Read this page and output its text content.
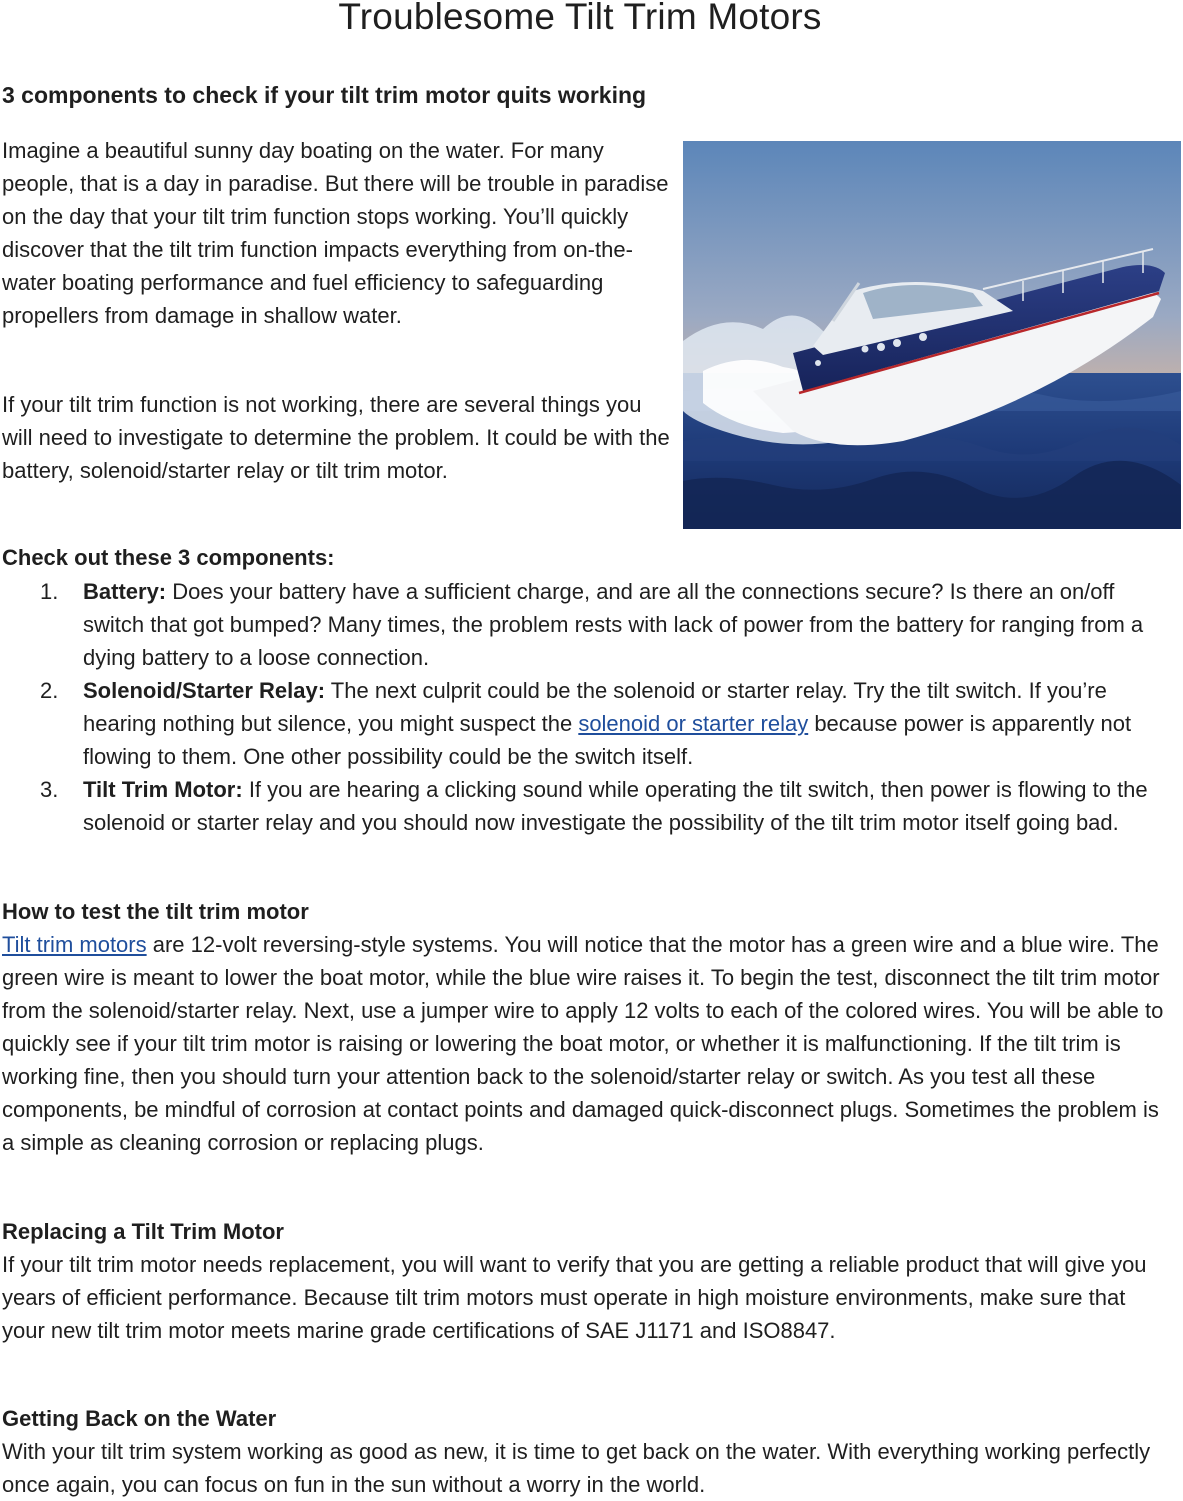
Troublesome Tilt Trim Motors
3 components to check if your tilt trim motor quits working

Imagine a beautiful sunny day boating on the water. For many people, that is a day in paradise. But there will be trouble in paradise on the day that your tilt trim function stops working. You’ll quickly discover that the tilt trim function impacts everything from on-the-water boating performance and fuel efficiency to safeguarding propellers from damage in shallow water.

If your tilt trim function is not working, there are several things you will need to investigate to determine the problem. It could be with the battery, solenoid/starter relay or tilt trim motor.

Check out these 3 components:
1. Battery: Does your battery have a sufficient charge, and are all the connections secure? Is there an on/off switch that got bumped? Many times, the problem rests with lack of power from the battery for ranging from a dying battery to a loose connection.
2. Solenoid/Starter Relay: The next culprit could be the solenoid or starter relay. Try the tilt switch. If you’re hearing nothing but silence, you might suspect the solenoid or starter relay because power is apparently not flowing to them. One other possibility could be the switch itself.
3. Tilt Trim Motor: If you are hearing a clicking sound while operating the tilt switch, then power is flowing to the solenoid or starter relay and you should now investigate the possibility of the tilt trim motor itself going bad.
How to test the tilt trim motor

Tilt trim motors are 12-volt reversing-style systems. You will notice that the motor has a green wire and a blue wire. The green wire is meant to lower the boat motor, while the blue wire raises it. To begin the test, disconnect the tilt trim motor from the solenoid/starter relay. Next, use a jumper wire to apply 12 volts to each of the colored wires. You will be able to quickly see if your tilt trim motor is raising or lowering the boat motor, or whether it is malfunctioning. If the tilt trim is working fine, then you should turn your attention back to the solenoid/starter relay or switch. As you test all these components, be mindful of corrosion at contact points and damaged quick-disconnect plugs. Sometimes the problem is a simple as cleaning corrosion or replacing plugs.

Replacing a Tilt Trim Motor

If your tilt trim motor needs replacement, you will want to verify that you are getting a reliable product that will give you years of efficient performance. Because tilt trim motors must operate in high moisture environments, make sure that your new tilt trim motor meets marine grade certifications of SAE J1171 and ISO8847.

Getting Back on the Water

With your tilt trim system working as good as new, it is time to get back on the water. With everything working perfectly once again, you can focus on fun in the sun without a worry in the world.
